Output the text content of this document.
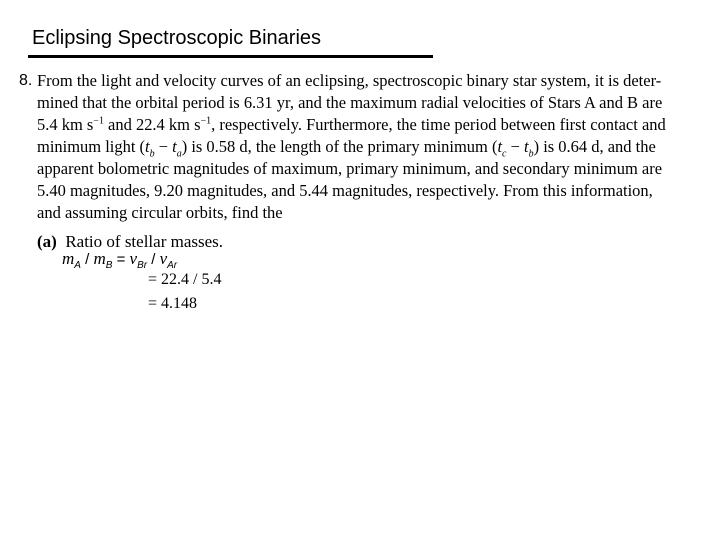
Eclipsing Spectroscopic Binaries
8. From the light and velocity curves of an eclipsing, spectroscopic binary star system, it is deter-
mined that the orbital period is 6.31 yr, and the maximum radial velocities of Stars A and B are
5.4 km $s^{-1}$ and 22.4 km $s^{-1}$, respectively. Furthermore, the time period between first contact and
minimum light $(t_b - t_a)$ is 0.58 d, the length of the primary minimum $(t_c - t_b)$ is 0.64 d, and the
apparent bolometric magnitudes of maximum, primary minimum, and secondary minimum are
5.40 magnitudes, 9.20 magnitudes, and 5.44 magnitudes, respectively. From this information,
and assuming circular orbits, find the
(a) Ratio of stellar masses.
$m_A / m_B = v_{Br} / v_{Ar}$
= 22.4 / 5.4
= 4.148
